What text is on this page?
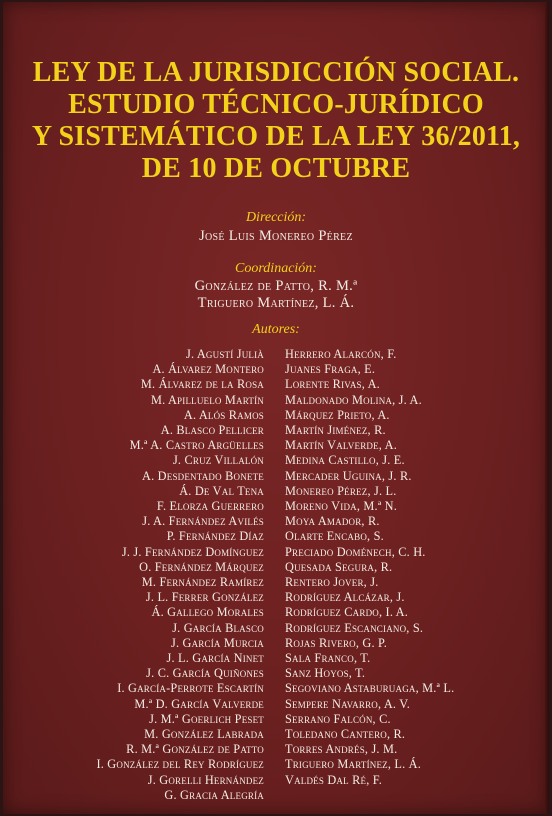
LEY DE LA JURISDICCIÓN SOCIAL.
ESTUDIO TÉCNICO-JURÍDICO
Y SISTEMÁTICO DE LA LEY 36/2011,
DE 10 DE OCTUBRE
Dirección:
José Luis Monereo Pérez
Coordinación:
González de Patto, R. M.ª
Triguero Martínez, L. Á.
Autores:
J. Agustí Julià
A. Álvarez Montero
M. Álvarez de la Rosa
M. Apilluelo Martín
A. Alós Ramos
A. Blasco Pellicer
M.ª A. Castro Argüelles
J. Cruz Villalón
A. Desdentado Bonete
Á. De Val Tena
F. Elorza Guerrero
J. A. Fernández Avilés
P. Fernández Díaz
J. J. Fernández Domínguez
O. Fernández Márquez
M. Fernández Ramírez
J. L. Ferrer González
Á. Gallego Morales
J. García Blasco
J. García Murcia
J. L. García Ninet
J. C. García Quiñones
I. García-Perrote Escartín
M.ª D. García Valverde
J. M.ª Goerlich Peset
M. González Labrada
R. M.ª González de Patto
I. González del Rey Rodríguez
J. Gorelli Hernández
G. Gracia Alegría
Herrero Alarcón, F.
Juanes Fraga, E.
Lorente Rivas, A.
Maldonado Molina, J. A.
Márquez Prieto, A.
Martín Jiménez, R.
Martín Valverde, A.
Medina Castillo, J. E.
Mercader Uguina, J. R.
Monereo Pérez, J. L.
Moreno Vida, M.ª N.
Moya Amador, R.
Olarte Encabo, S.
Preciado Doménech, C. H.
Quesada Segura, R.
Rentero Jover, J.
Rodríguez Alcázar, J.
Rodríguez Cardo, I. A.
Rodríguez Escanciano, S.
Rojas Rivero, G. P.
Sala Franco, T.
Sanz Hoyos, T.
Segoviano Astaburuaga, M.ª L.
Sempere Navarro, A. V.
Serrano Falcón, C.
Toledano Cantero, R.
Torres Andrés, J. M.
Triguero Martínez, L. Á.
Valdés Dal Ré, F.
